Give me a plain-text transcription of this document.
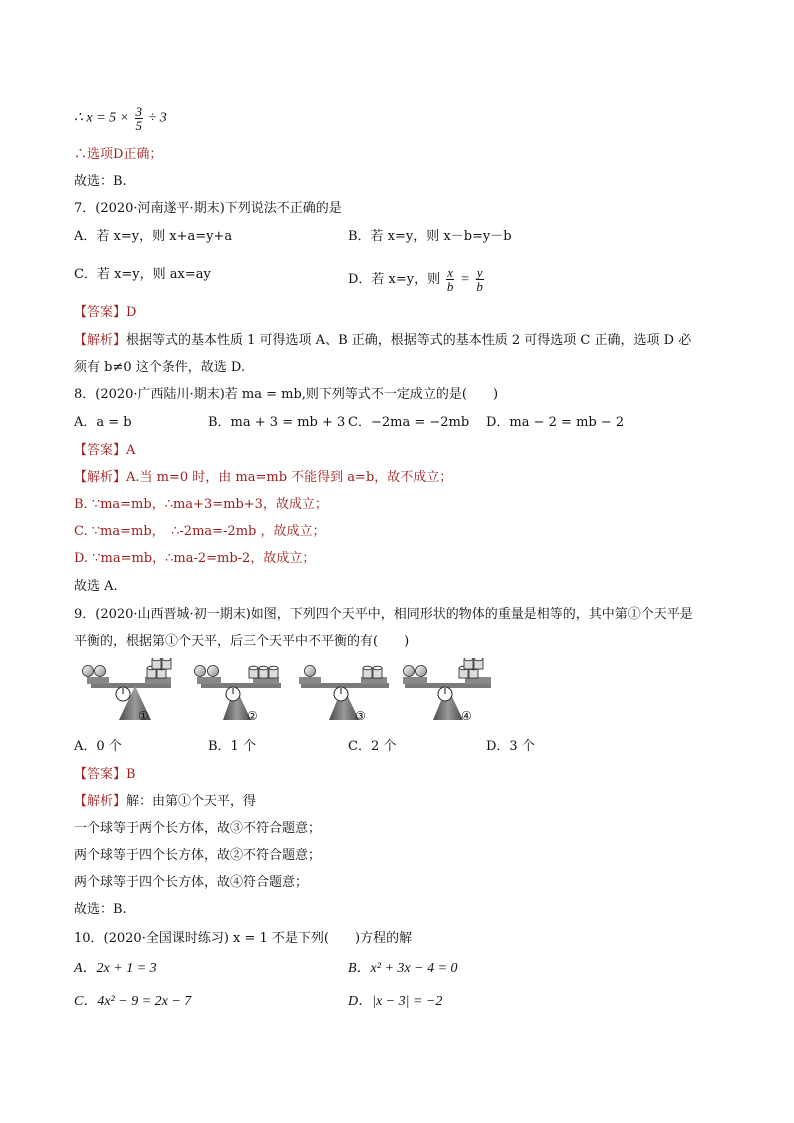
∴ $x = 5 \times \frac{3}{5} \div 3$
∴选项D正确；
故选：B.
7．(2020·河南遂平·期末)下列说法不正确的是
A．若 x=y，则 x+a=y+a	B．若 x=y，则 x－b=y－b
C．若 x=y，则 ax=ay	D．若 x=y，则 $\frac{x}{b} = \frac{y}{b}$
【答案】D
【解析】根据等式的基本性质 1 可得选项 A、B 正确，根据等式的基本性质 2 可得选项 C 正确，选项 D 必
须有 b≠0 这个条件，故选 D.
8．(2020·广西陆川·期末)若 ma = mb,则下列等式不一定成立的是(　　)
A．a = b	B．ma + 3 = mb + 3 C．−2ma = −2mb D．ma − 2 = mb − 2
【答案】A
【解析】A.当 m=0 时，由 ma=mb 不能得到 a=b，故不成立；
B. ∵ma=mb，∴ma+3=mb+3，故成立；
C. ∵ma=mb，　∴-2ma=-2mb ，故成立；
D. ∵ma=mb，∴ma-2=mb-2，故成立；
故选 A.
9．(2020·山西晋城·初一期末)如图，下列四个天平中，相同形状的物体的重量是相等的，其中第①个天平是
平衡的，根据第①个天平，后三个天平中不平衡的有(　　)
①	②	③	④
A．0 个	B．1 个	C．2 个	D．3 个
【答案】B
【解析】解：由第①个天平，得
一个球等于两个长方体，故③不符合题意；
两个球等于四个长方体，故②不符合题意；
两个球等于四个长方体，故④符合题意；
故选：B.
10．(2020·全国课时练习) x = 1 不是下列(　　)方程的解
A．2x + 1 = 3	B．x² + 3x − 4 = 0
C．4x² − 9 = 2x − 7	D．|x − 3| = −2
